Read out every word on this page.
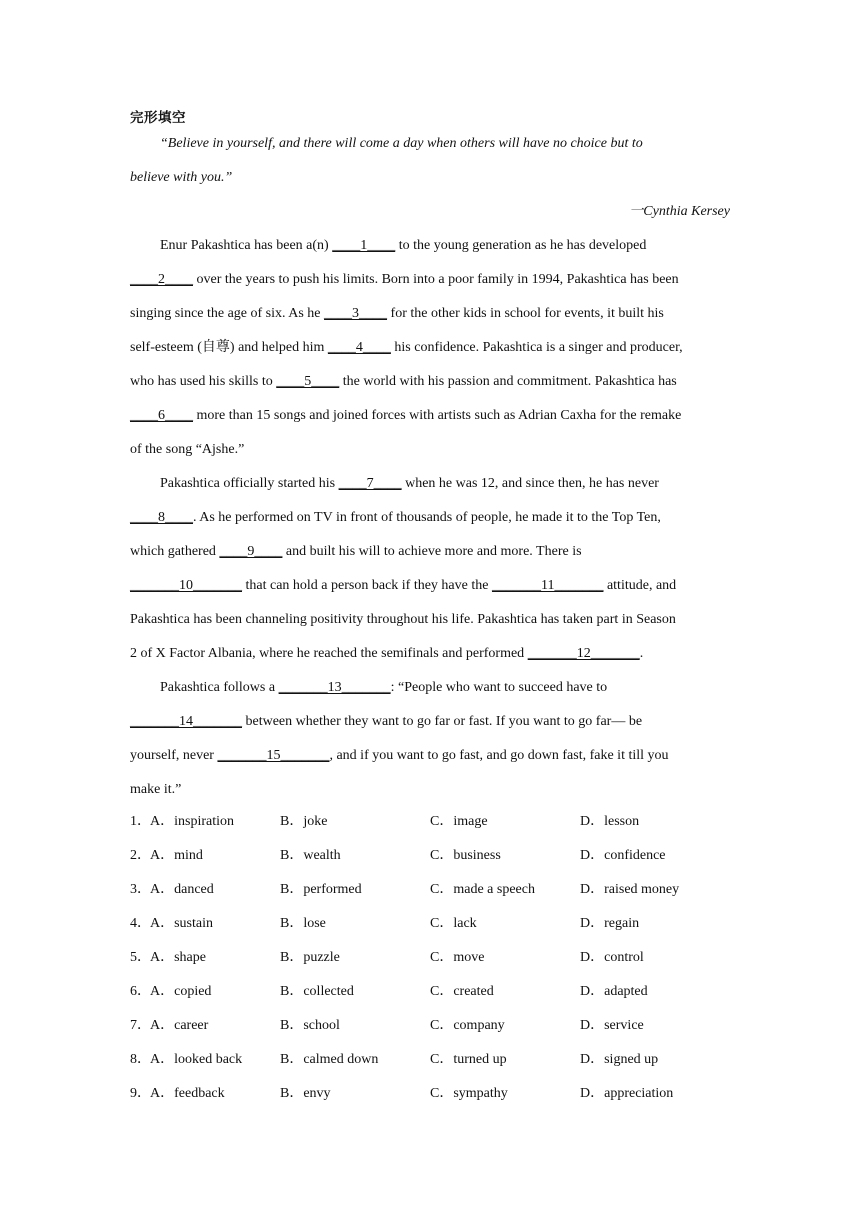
完形填空
“Believe in yourself, and there will come a day when others will have no choice but to
believe with you.”
一Cynthia Kersey
Enur Pakashtica has been a(n) ____1____ to the young generation as he has developed
____2____ over the years to push his limits. Born into a poor family in 1994, Pakashtica has been
singing since the age of six. As he ____3____ for the other kids in school for events, it built his
self-esteem (自尊) and helped him ____4____ his confidence. Pakashtica is a singer and producer,
who has used his skills to ____5____ the world with his passion and commitment. Pakashtica has
____6____ more than 15 songs and joined forces with artists such as Adrian Caxha for the remake
of the song “Ajshe.”
Pakashtica officially started his ____7____ when he was 12, and since then, he has never
____8____. As he performed on TV in front of thousands of people, he made it to the Top Ten,
which gathered ____9____ and built his will to achieve more and more. There is
_______10_______ that can hold a person back if they have the _______11_______ attitude, and
Pakashtica has been channeling positivity throughout his life. Pakashtica has taken part in Season
2 of X Factor Albania, where he reached the semifinals and performed _______12_______.
Pakashtica follows a _______13_______: “People who want to succeed have to
_______14_______ between whether they want to go far or fast. If you want to go far— be
yourself, never _______15_______, and if you want to go fast, and go down fast, fake it till you
make it.”
1． A．inspiration	B．joke	C．image	D．lesson
2． A．mind	B．wealth	C．business	D．confidence
3． A．danced	B．performed	C．made a speech	D．raised money
4． A．sustain	B．lose	C．lack	D．regain
5． A．shape	B．puzzle	C．move	D．control
6． A．copied	B．collected	C．created	D．adapted
7． A．career	B．school	C．company	D．service
8． A．looked back	B．calmed down	C．turned up	D．signed up
9． A．feedback	B．envy	C．sympathy	D．appreciation
